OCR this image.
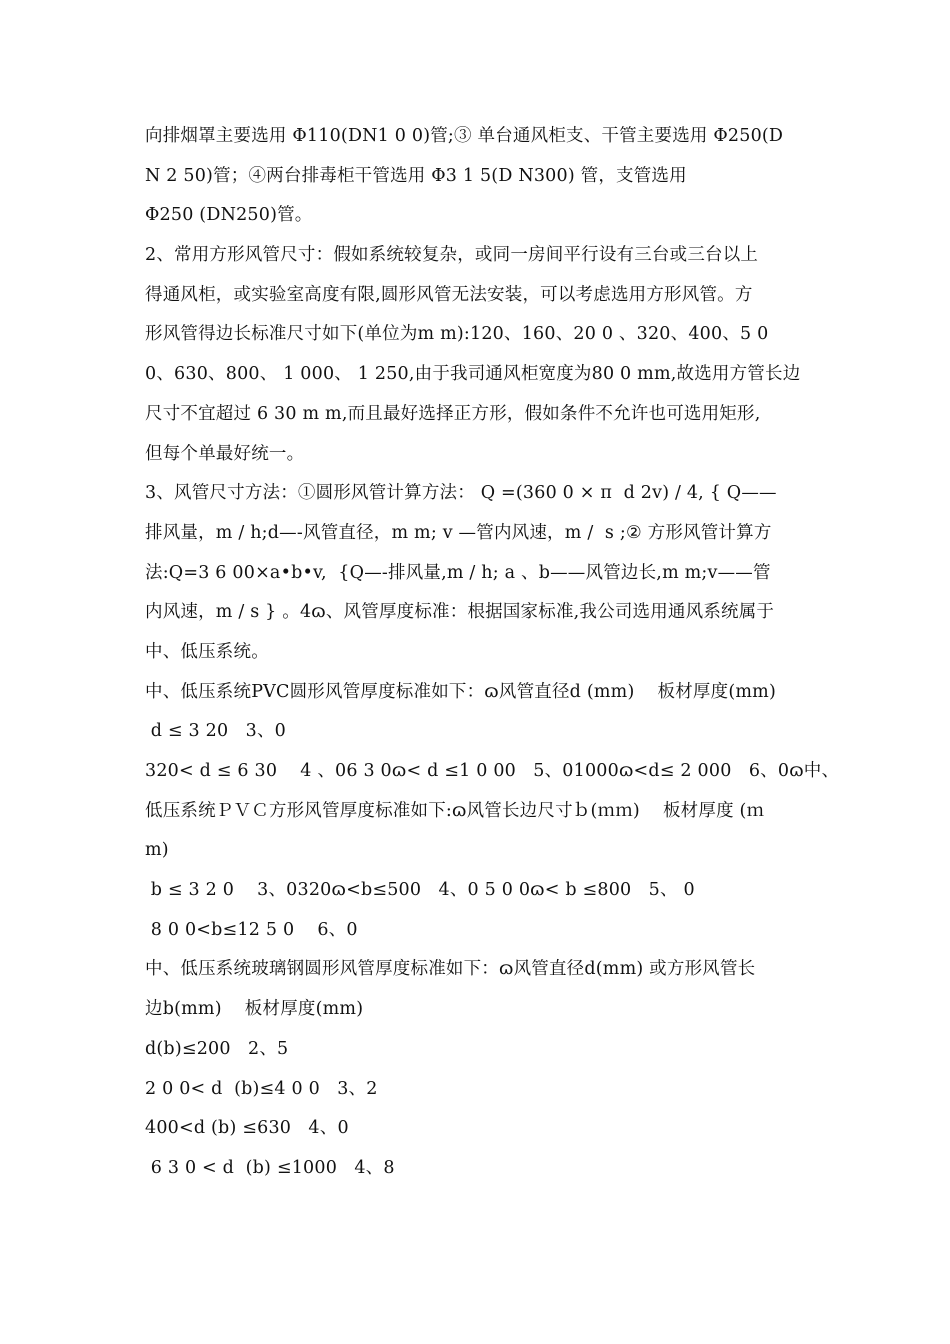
向排烟罩主要选用 Φ110(DN1 0 0)管;③ 单台通风柜支、干管主要选用 Φ250(D
N 2 50)管；④两台排毒柜干管选用 Φ3 1 5(D N300) 管，支管选用
Φ250 (DN250)管。
2、常用方形风管尺寸：假如系统较复杂，或同一房间平行设有三台或三台以上
得通风柜，或实验室高度有限,圆形风管无法安装，可以考虑选用方形风管。方
形风管得边长标准尺寸如下(单位为m m):120、160、20 0 、320、400、5 0
0、630、800、 1 000、 1 250,由于我司通风柜宽度为80 0 mm,故选用方管长边
尺寸不宜超过 6 30 m m,而且最好选择正方形，假如条件不允许也可选用矩形,
但每个单最好统一。
3、风管尺寸方法：①圆形风管计算方法： Q =(360 0 × π  d 2v) / 4, { Q——
排风量，m / h;d—-风管直径，m m; v —管内风速，m /  s ;② 方形风管计算方
法:Q=3 6 00×a•b•v,  {Q—-排风量,m / h; a 、b——风管边长,m m;v——管
内风速，m / s } 。4ɷ、风管厚度标准：根据国家标准,我公司选用通风系统属于
中、低压系统。
中、低压系统PVC圆形风管厚度标准如下：ɷ风管直径d (mm)    板材厚度(mm)
d ≤ 3 20   3、0
320< d ≤ 6 30    4 、06 3 0ɷ< d ≤1 0 00   5、01000ɷ<d≤ 2 000   6、0ɷ中、
低压系统ＰＶＣ方形风管厚度标准如下:ɷ风管长边尺寸ｂ(ｍｍ)    板材厚度 (ｍ
m)
b ≤ 3 2 0    3、0320ɷ<b≤500   4、0 5 0 0ɷ< b ≤800   5、 0
8 0 0<b≤12 5 0    6、0
中、低压系统玻璃钢圆形风管厚度标准如下：ɷ风管直径d(mm) 或方形风管长
边b(mm)    板材厚度(mm)
d(b)≤200   2、5
2 0 0< d  (b)≤4 0 0   3、2
400<d (b) ≤630   4、0
6 3 0 < d  (b) ≤1000   4、8
